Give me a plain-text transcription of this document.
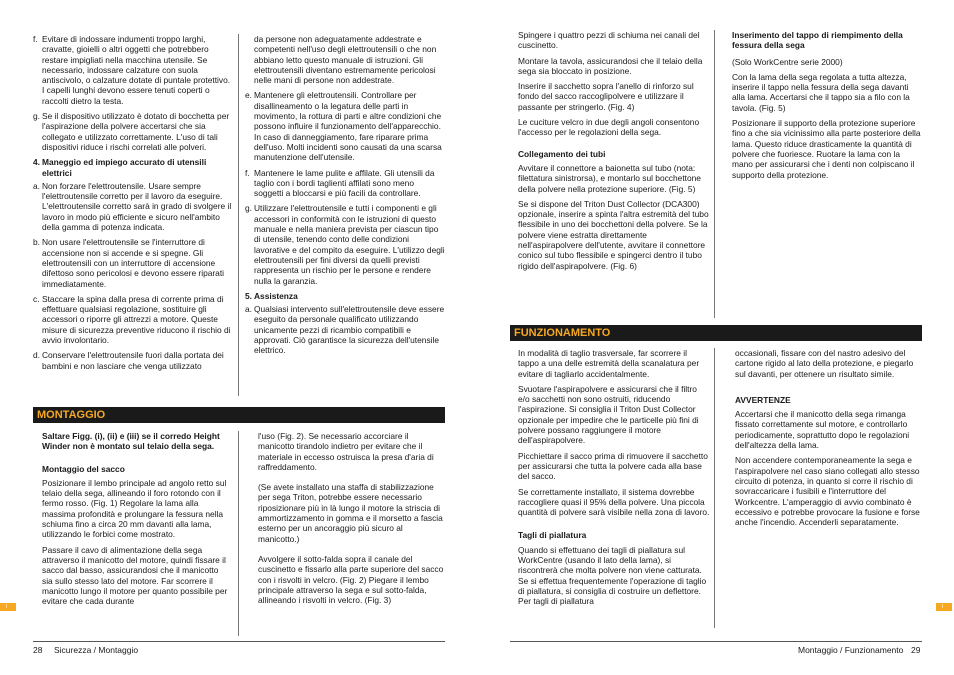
f. Evitare di indossare indumenti troppo larghi, cravatte, gioielli o altri oggetti che potrebbero restare impigliati nella macchina utensile. Se necessario, indossare calzature con suola antiscivolo, o calzature dotate di puntale protettivo. I capelli lunghi devono essere tenuti coperti o raccolti dietro la testa.
g. Se il dispositivo utilizzato è dotato di bocchetta per l'aspirazione della polvere accertarsi che sia collegato e utilizzato correttamente. L'uso di tali dispositivi riduce i rischi correlati alle polveri.
4. Maneggio ed impiego accurato di utensili elettrici
a. Non forzare l'elettroutensile. Usare sempre l'elettroutensile corretto per il lavoro da eseguire. L'elettroutensile corretto sarà in grado di svolgere il lavoro in modo più efficiente e sicuro nell'ambito della gamma di potenza indicata.
b. Non usare l'elettroutensile se l'interruttore di accensione non si accende e si spegne. Gli elettroutensili con un interruttore di accensione difettoso sono pericolosi e devono essere riparati immediatamente.
c. Staccare la spina dalla presa di corrente prima di effettuare qualsiasi regolazione, sostituire gli accessori o riporre gli attrezzi a motore. Queste misure di sicurezza preventive riducono il rischio di avvio involontario.
d. Conservare l'elettroutensile fuori dalla portata dei bambini e non lasciare che venga utilizzato

da persone non adeguatamente addestrate e competenti nell'uso degli elettroutensili o che non abbiano letto questo manuale di istruzioni. Gli elettroutensili diventano estremamente pericolosi nelle mani di persone non addestrate.

e. Mantenere gli elettroutensili. Controllare per disallineamento o la legatura delle parti in movimento, la rottura di parti e altre condizioni che possono influire il funzionamento dell'apparecchio. In caso di danneggiamento, fare riparare prima dell'uso. Molti incidenti sono causati da una scarsa manutenzione dell'utensile.
f. Mantenere le lame pulite e affilate. Gli utensili da taglio con i bordi taglienti affilati sono meno soggetti a bloccarsi e più facili da controllare.
g. Utilizzare l'elettroutensile e tutti i componenti e gli accessori in conformità con le istruzioni di questo manuale e nella maniera prevista per ciascun tipo di utensile, tenendo conto delle condizioni lavorative e del compito da eseguire. L'utilizzo degli elettroutensili per fini diversi da quelli previsti rappresenta un rischio per le persone e rendere nulla la garanzia.
5. Assistenza
a. Qualsiasi intervento sull'elettroutensile deve essere eseguito da personale qualificato utilizzando unicamente pezzi di ricambio compatibili e approvati. Ciò garantisce la sicurezza dell'utensile elettrico.
MONTAGGIO

Saltare Figg. (i), (ii) e (iii) se il corredo Height Winder non è montato sul telaio della sega.

Montaggio del sacco

Posizionare il lembo principale ad angolo retto sul telaio della sega, allineando il foro rotondo con il fermo rosso. (Fig. 1) Regolare la lama alla massima profondità e prolungare la fessura nella schiuma fino a circa 20 mm davanti alla lama, utilizzando le forbici come mostrato.

Passare il cavo di alimentazione della sega attraverso il manicotto del motore, quindi fissare il sacco dal basso, assicurandosi che il manicotto sia sullo stesso lato del motore. Far scorrere il manicotto lungo il motore per quanto possibile per evitare che cada durante

l'uso (Fig. 2). Se necessario accorciare il manicotto tirandolo indietro per evitare che il materiale in eccesso ostruisca la presa d'aria di raffreddamento.

(Se avete installato una staffa di stabilizzazione per sega Triton, potrebbe essere necessario riposizionare più in là lungo il motore la striscia di ammortizzamento in gomma e il morsetto a fascia esterno per un ancoraggio più sicuro al manicotto.)

Avvolgere il sotto-falda sopra il canale del cuscinetto e fissarlo alla parte superiore del sacco con i risvolti in velcro. (Fig. 2) Piegare il lembo principale attraverso la sega e sul sotto-falda, allineando i risvolti in velcro. (Fig. 3)

I
28 Sicurezza / Montaggio

Spingere i quattro pezzi di schiuma nei canali del cuscinetto.

Montare la tavola, assicurandosi che il telaio della sega sia bloccato in posizione.

Inserire il sacchetto sopra l'anello di rinforzo sul fondo del sacco raccoglipolvere e utilizzare il passante per stringerlo. (Fig. 4)

Le cuciture velcro in due degli angoli consentono l'accesso per le regolazioni della sega.

Collegamento dei tubi

Avvitare il connettore a baionetta sul tubo (nota: filettatura sinistrorsa), e montarlo sul bocchettone della polvere nella protezione superiore. (Fig. 5)

Se si dispone del Triton Dust Collector (DCA300) opzionale, inserire a spinta l'altra estremità del tubo flessibile in uno dei bocchettoni della polvere. Se la polvere viene estratta direttamente nell'aspirapolvere dell'utente, avvitare il connettore conico sul tubo flessibile e spingerci dentro il tubo rigido dell'aspirapolvere. (Fig. 6)

Inserimento del tappo di riempimento della fessura della sega

(Solo WorkCentre serie 2000)

Con la lama della sega regolata a tutta altezza, inserire il tappo nella fessura della sega davanti alla lama. Accertarsi che il tappo sia a filo con la tavola. (Fig. 5)

Posizionare il supporto della protezione superiore fino a che sia vicinissimo alla parte posteriore della lama. Questo riduce drasticamente la quantità di polvere che fuoriesce. Ruotare la lama con la mano per assicurarsi che i denti non colpiscano il supporto della protezione.

FUNZIONAMENTO

In modalità di taglio trasversale, far scorrere il tappo a una delle estremità della scanalatura per evitare di tagliarlo accidentalmente.

Svuotare l'aspirapolvere e assicurarsi che il filtro e/o sacchetti non sono ostruiti, riducendo l'aspirazione. Si consiglia il Triton Dust Collector opzionale per impedire che le particelle più fini di polvere possano raggiungere il motore dell'aspirapolvere.

Picchiettare il sacco prima di rimuovere il sacchetto per assicurarsi che tutta la polvere cada alla base del sacco.

Se correttamente installato, il sistema dovrebbe raccogliere quasi il 95% della polvere. Una piccola quantità di polvere sarà visibile nella zona di lavoro.

Tagli di piallatura

Quando si effettuano dei tagli di piallatura sul WorkCentre (usando il lato della lama), si riscontrerà che molta polvere non viene catturata. Se si effettua frequentemente l'operazione di taglio di piallatura, si consiglia di costruire un deflettore. Per tagli di piallatura

occasionali, fissare con del nastro adesivo del cartone rigido al lato della protezione, e piegarlo sul davanti, per ottenere un risultato simile.

AVVERTENZE

Accertarsi che il manicotto della sega rimanga fissato correttamente sul motore, e controllarlo periodicamente, soprattutto dopo le regolazioni dell'altezza della lama.

Non accendere contemporaneamente la sega e l'aspirapolvere nel caso siano collegati allo stesso circuito di potenza, in quanto si corre il rischio di sovraccaricare i fusibili e l'interruttore del Workcentre. L'amperaggio di avvio combinato è eccessivo e potrebbe provocare la fusione e forse anche l'incendio. Accenderli separatamente.

I
Montaggio / Funzionamento 29
